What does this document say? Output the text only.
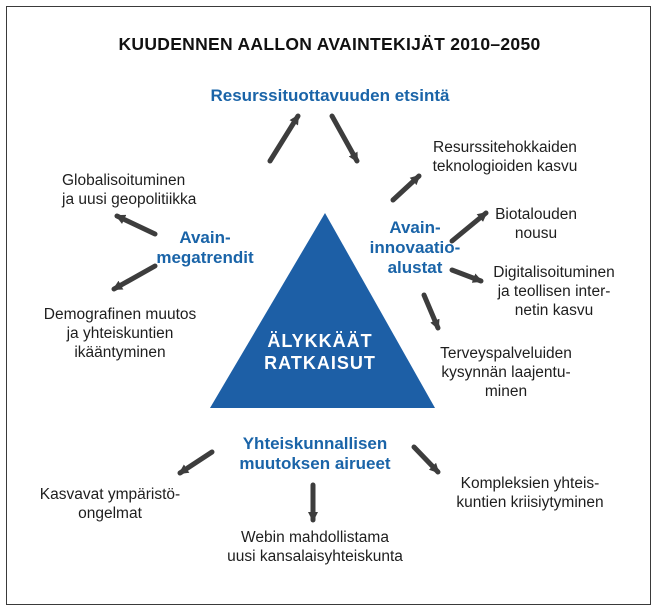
KUUDENNEN AALLON AVAINTEKIJÄT 2010–2050
Resurssituottavuuden etsintä
Avain-
megatrendit
Avain-
innovaatio-
alustat
Yhteiskunnallisen
muutoksen airueet
ÄLYKKÄÄT
RATKAISUT
Globalisoituminen
ja uusi geopolitiikka
Demografinen muutos
ja yhteiskuntien
ikääntyminen
Resurssitehokkaiden
teknologioiden kasvu
Biotalouden
nousu
Digitalisoituminen
ja teollisen inter-
netin kasvu
Terveyspalveluiden
kysynnän laajentu-
minen
Kasvavat ympäristö-
ongelmat
Webin mahdollistama
uusi kansalaisyhteiskunta
Kompleksien yhteis-
kuntien kriisiytyminen
